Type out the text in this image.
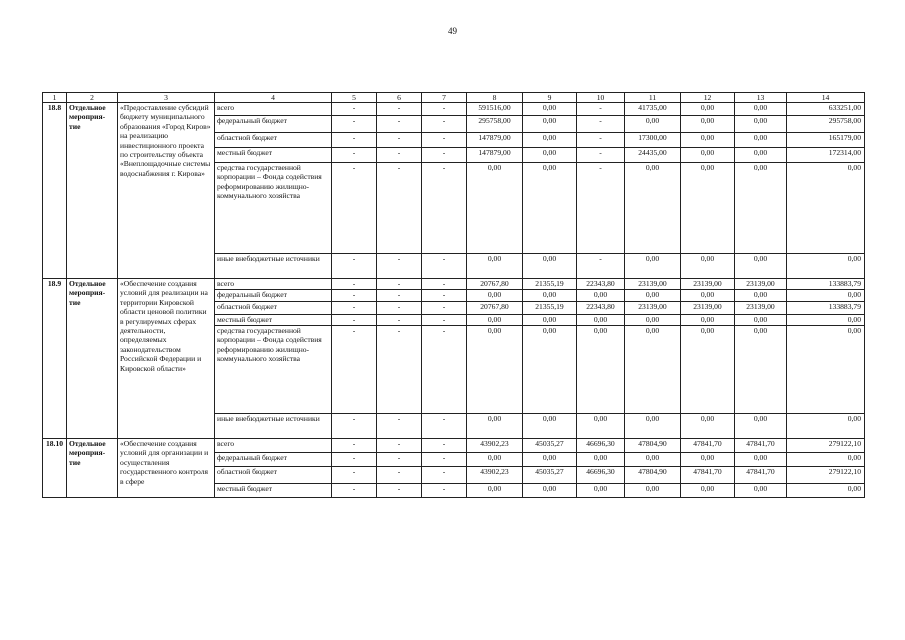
49
1	2	3	4	5	6	7	8	9	10	11	12	13	14
18.8	Отдельное мероприя-тие	«Предоставление субсидий бюджету муниципального образования «Город Киров» на реализацию инвестиционного проекта по строительству объекта «Внеплощадочные системы водоснабжения г. Кирова»	всего	-	-	-	591516,00	0,00	-	41735,00	0,00	0,00	633251,00
			федеральный бюджет	-	-	-	295758,00	0,00	-	0,00	0,00	0,00	295758,00
			областной бюджет	-	-	-	147879,00	0,00	-	17300,00	0,00	0,00	165179,00
			местный бюджет	-	-	-	147879,00	0,00	-	24435,00	0,00	0,00	172314,00
			средства государственной корпорации – Фонда содействия реформированию жилищно-коммунального хозяйства	-	-	-	0,00	0,00	-	0,00	0,00	0,00	0,00
			иные внебюджетные источники	-	-	-	0,00	0,00	-	0,00	0,00	0,00	0,00
18.9	Отдельное мероприя-тие	«Обеспечение создания условий для реализации на территории Кировской области ценовой политики в регулируемых сферах деятельности, определяемых законодательством Российской Федерации и Кировской области»	всего	-	-	-	20767,80	21355,19	22343,80	23139,00	23139,00	23139,00	133883,79
			федеральный бюджет	-	-	-	0,00	0,00	0,00	0,00	0,00	0,00	0,00
			областной бюджет	-	-	-	20767,80	21355,19	22343,80	23139,00	23139,00	23139,00	133883,79
			местный бюджет	-	-	-	0,00	0,00	0,00	0,00	0,00	0,00	0,00
			средства государственной корпорации – Фонда содействия реформированию жилищно-коммунального хозяйства	-	-	-	0,00	0,00	0,00	0,00	0,00	0,00	0,00
			иные внебюджетные источники	-	-	-	0,00	0,00	0,00	0,00	0,00	0,00	0,00
18.10	Отдельное мероприя-тие	«Обеспечение создания условий для организации и осуществления государственного контроля в сфере	всего	-	-	-	43902,23	45035,27	46696,30	47804,90	47841,70	47841,70	279122,10
			федеральный бюджет	-	-	-	0,00	0,00	0,00	0,00	0,00	0,00	0,00
			областной бюджет	-	-	-	43902,23	45035,27	46696,30	47804,90	47841,70	47841,70	279122,10
			местный бюджет	-	-	-	0,00	0,00	0,00	0,00	0,00	0,00	0,00
